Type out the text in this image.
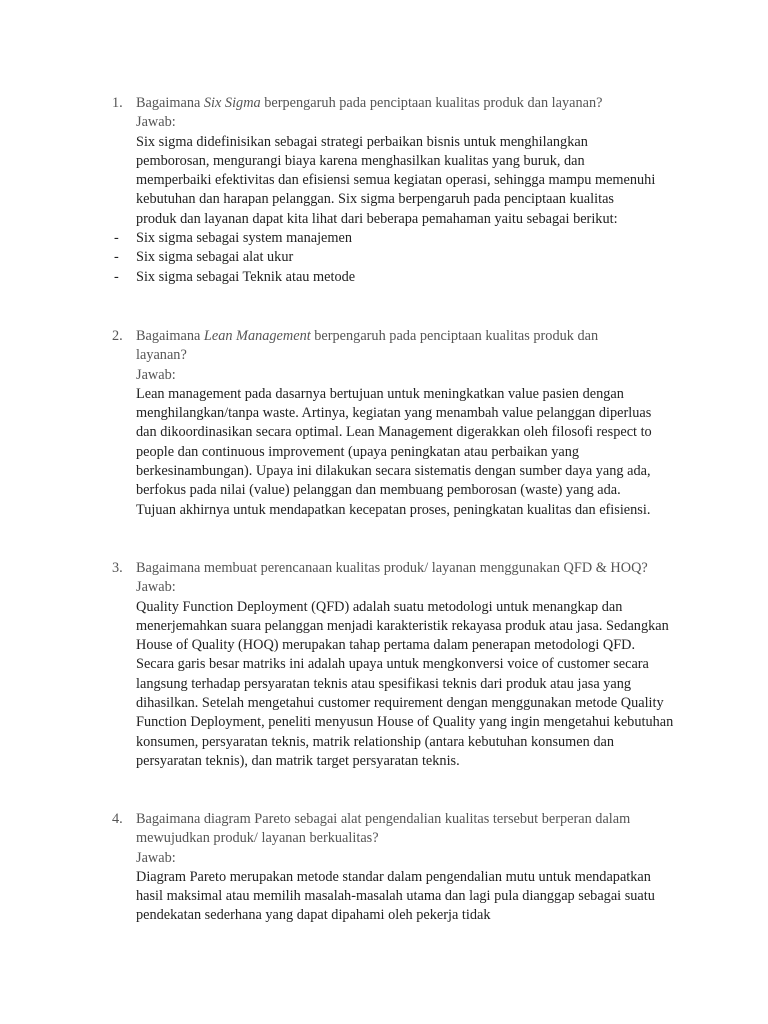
1. Bagaimana Six Sigma berpengaruh pada penciptaan kualitas produk dan layanan?
Jawab:
Six sigma didefinisikan sebagai strategi perbaikan bisnis untuk menghilangkan pemborosan, mengurangi biaya karena menghasilkan kualitas yang buruk, dan memperbaiki efektivitas dan efisiensi semua kegiatan operasi, sehingga mampu memenuhi kebutuhan dan harapan pelanggan. Six sigma berpengaruh pada penciptaan kualitas produk dan layanan dapat kita lihat dari beberapa pemahaman yaitu sebagai berikut:
- Six sigma sebagai system manajemen
- Six sigma sebagai alat ukur
- Six sigma sebagai Teknik atau metode
2. Bagaimana Lean Management berpengaruh pada penciptaan kualitas produk dan layanan?
Jawab:
Lean management pada dasarnya bertujuan untuk meningkatkan value pasien dengan menghilangkan/tanpa waste. Artinya, kegiatan yang menambah value pelanggan diperluas dan dikoordinasikan secara optimal. Lean Management digerakkan oleh filosofi respect to people dan continuous improvement (upaya peningkatan atau perbaikan yang berkesinambungan). Upaya ini dilakukan secara sistematis dengan sumber daya yang ada, berfokus pada nilai (value) pelanggan dan membuang pemborosan (waste) yang ada. Tujuan akhirnya untuk mendapatkan kecepatan proses, peningkatan kualitas dan efisiensi.
3. Bagaimana membuat perencanaan kualitas produk/ layanan menggunakan QFD & HOQ?
Jawab:
Quality Function Deployment (QFD) adalah suatu metodologi untuk menangkap dan menerjemahkan suara pelanggan menjadi karakteristik rekayasa produk atau jasa. Sedangkan House of Quality (HOQ) merupakan tahap pertama dalam penerapan metodologi QFD. Secara garis besar matriks ini adalah upaya untuk mengkonversi voice of customer secara langsung terhadap persyaratan teknis atau spesifikasi teknis dari produk atau jasa yang dihasilkan. Setelah mengetahui customer requirement dengan menggunakan metode Quality Function Deployment, peneliti menyusun House of Quality yang ingin mengetahui kebutuhan konsumen, persyaratan teknis, matrik relationship (antara kebutuhan konsumen dan persyaratan teknis), dan matrik target persyaratan teknis.
4. Bagaimana diagram Pareto sebagai alat pengendalian kualitas tersebut berperan dalam mewujudkan produk/ layanan berkualitas?
Jawab:
Diagram Pareto merupakan metode standar dalam pengendalian mutu untuk mendapatkan hasil maksimal atau memilih masalah-masalah utama dan lagi pula dianggap sebagai suatu pendekatan sederhana yang dapat dipahami oleh pekerja tidak
